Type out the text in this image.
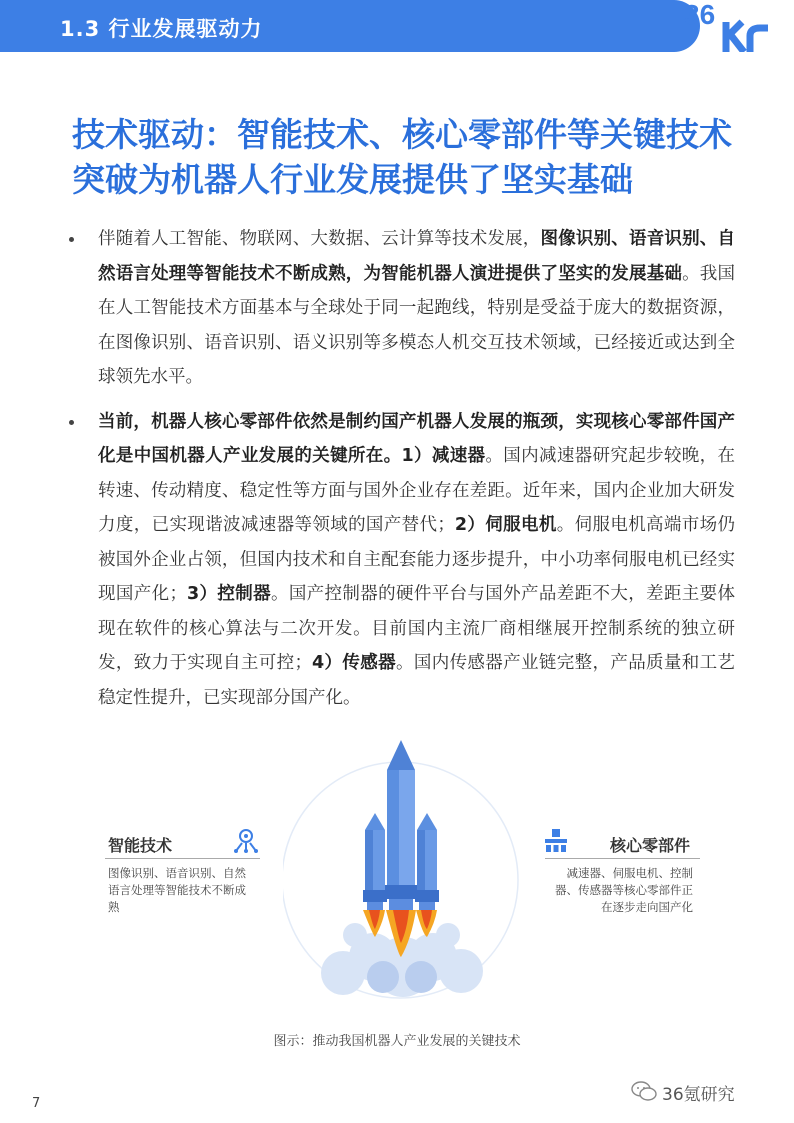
1.3 行业发展驱动力	36
技术驱动：智能技术、核心零部件等关键技术
突破为机器人行业发展提供了坚实基础
伴随着人工智能、物联网、大数据、云计算等技术发展，图像识别、语音识别、自然语言处理等智能技术不断成熟，为智能机器人演进提供了坚实的发展基础。我国在人工智能技术方面基本与全球处于同一起跑线，特别是受益于庞大的数据资源，在图像识别、语音识别、语义识别等多模态人机交互技术领域，已经接近或达到全球领先水平。
当前，机器人核心零部件依然是制约国产机器人发展的瓶颈，实现核心零部件国产化是中国机器人产业发展的关键所在。1）减速器。国内减速器研究起步较晚，在转速、传动精度、稳定性等方面与国外企业存在差距。近年来，国内企业加大研发力度，已实现谐波减速器等领域的国产替代；2）伺服电机。伺服电机高端市场仍被国外企业占领，但国内技术和自主配套能力逐步提升，中小功率伺服电机已经实现国产化；3）控制器。国产控制器的硬件平台与国外产品差距不大，差距主要体现在软件的核心算法与二次开发。目前国内主流厂商相继展开控制系统的独立研发，致力于实现自主可控；4）传感器。国内传感器产业链完整，产品质量和工艺稳定性提升，已实现部分国产化。
智能技术
图像识别、语音识别、自然语言处理等智能技术不断成熟
核心零部件
减速器、伺服电机、控制器、传感器等核心零部件正在逐步走向国产化
图示：推动我国机器人产业发展的关键技术
7	36氪研究
